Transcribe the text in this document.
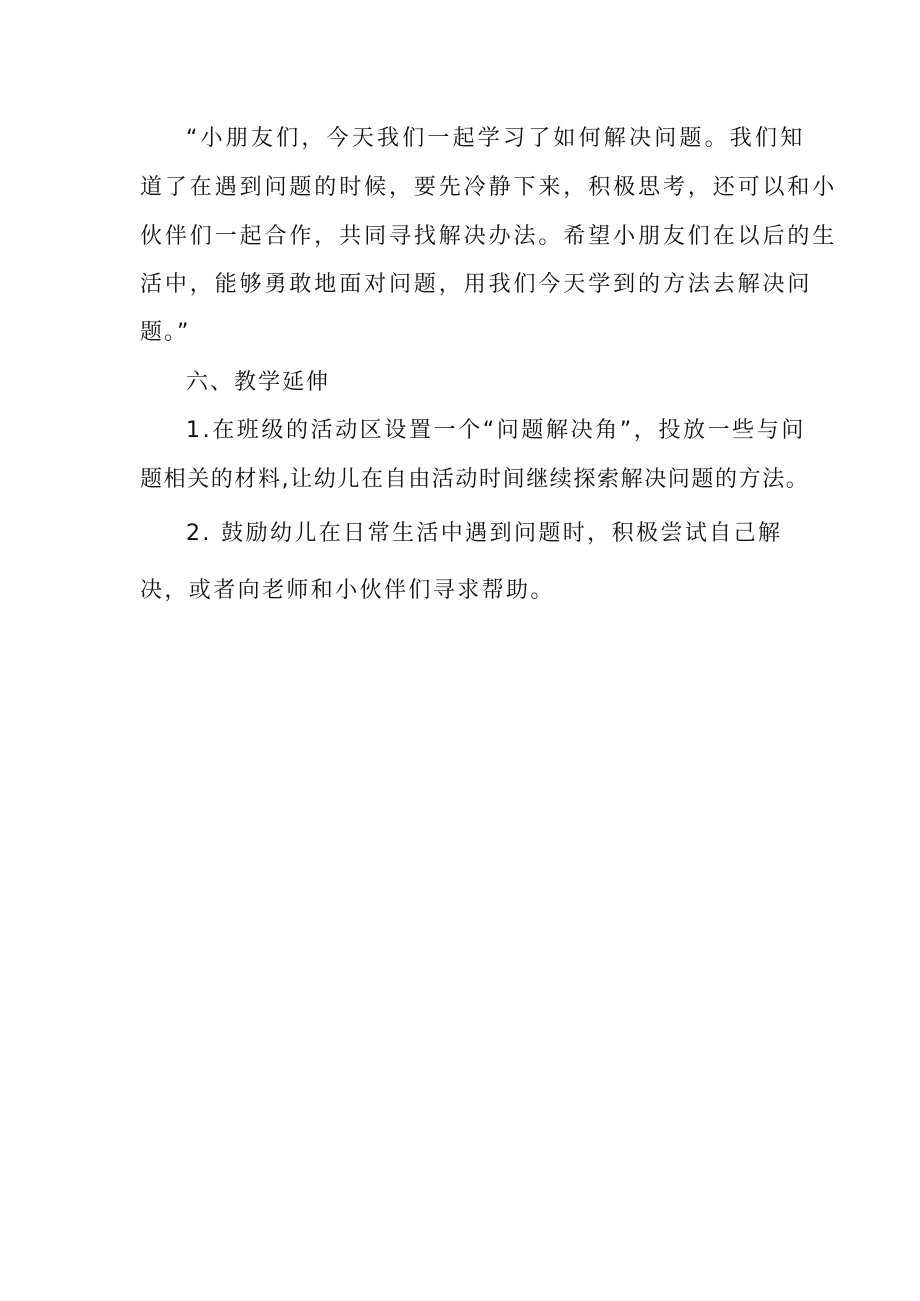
“小朋友们，今天我们一起学习了如何解决问题。我们知
道了在遇到问题的时候，要先冷静下来，积极思考，还可以和小
伙伴们一起合作，共同寻找解决办法。希望小朋友们在以后的生
活中，能够勇敢地面对问题，用我们今天学到的方法去解决问
题。”
六、教学延伸
1.在班级的活动区设置一个“问题解决角”，投放一些与问
题相关的材料,让幼儿在自由活动时间继续探索解决问题的方法。
2. 鼓励幼儿在日常生活中遇到问题时，积极尝试自己解
决，或者向老师和小伙伴们寻求帮助。
